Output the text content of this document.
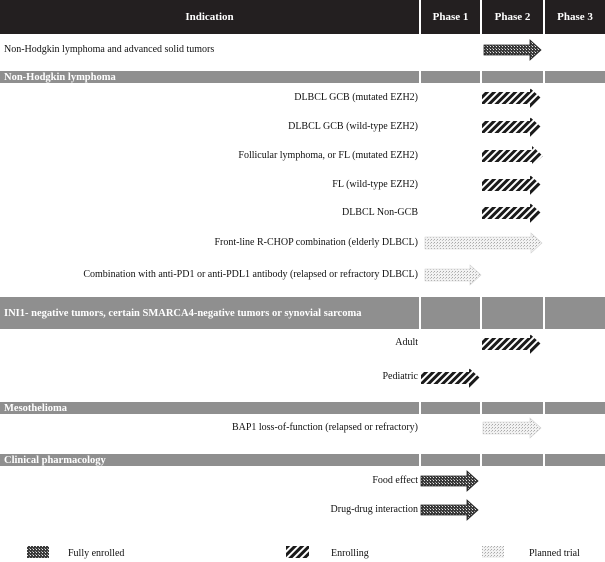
Indication	Phase 1	Phase 2	Phase 3
Non-Hodgkin lymphoma and advanced solid tumors
Non-Hodgkin lymphoma
DLBCL GCB (mutated EZH2)
DLBCL GCB (wild-type EZH2)
Follicular lymphoma, or FL (mutated EZH2)
FL (wild-type EZH2)
DLBCL Non-GCB
Front-line R-CHOP combination (elderly DLBCL)
Combination with anti-PD1 or anti-PDL1 antibody (relapsed or refractory DLBCL)
INI1- negative tumors, certain SMARCA4-negative tumors or synovial sarcoma
Adult
Pediatric
Mesothelioma
BAP1 loss-of-function (relapsed or refractory)
Clinical pharmacology
Food effect
Drug-drug interaction
Fully enrolled	Enrolling	Planned trial
